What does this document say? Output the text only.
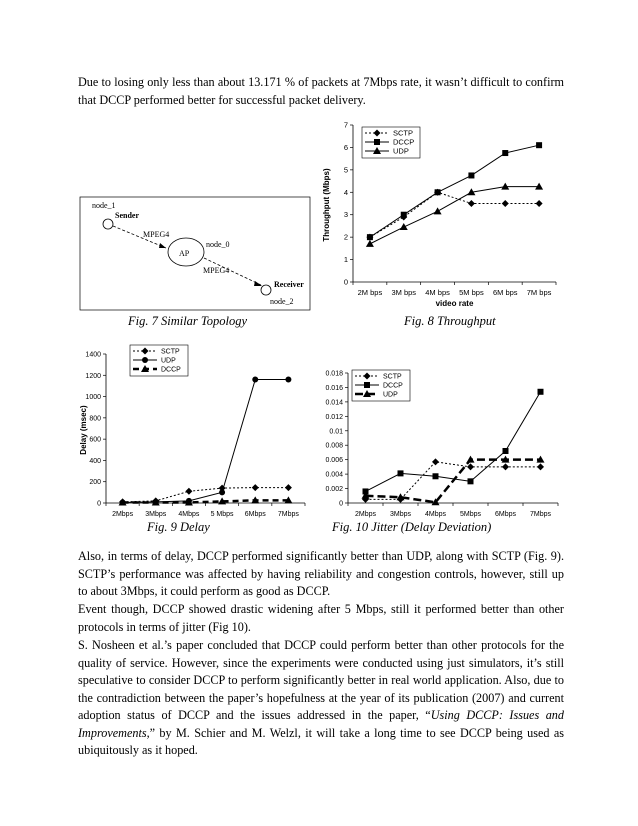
Due to losing only less than about 13.171 % of packets at 7Mbps rate, it wasn’t difficult to confirm that DCCP performed better for successful packet delivery.

node_1
Sender
MPEG4
AP
node_0
MPEG4
Receiver
node_2
0
1
2
3
4
5
6
7
2M bps 3M bps 4M bps 5M bps 6M bps 7M bps
video rate
Throughput (Mbps)
SCTP
DCCP
UDP
0
200
400
600
800
1000
1200
1400
2Mbps 3Mbps 4Mbps 5 Mbps 6Mbps 7Mbps
Delay (msec)
SCTP
UDP
DCCP
0
0.002
0.004
0.006
0.008
0.01
0.012
0.014
0.016
0.018
2Mbps 3Mbps 4Mbps 5Mbps 6Mbps 7Mbps
SCTP
DCCP
UDP
Fig. 7 Similar Topology	Fig. 8 Throughput
Fig. 9 Delay	Fig. 10 Jitter (Delay Deviation)

Also, in terms of delay, DCCP performed significantly better than UDP, along with SCTP (Fig. 9). SCTP’s performance was affected by having reliability and congestion controls, however, still up to about 3Mbps, it could perform as good as DCCP.

Event though, DCCP showed drastic widening after 5 Mbps, still it performed better than other protocols in terms of jitter (Fig 10).

S. Nosheen et al.’s paper concluded that DCCP could perform better than other protocols for the quality of service. However, since the experiments were conducted using just simulators, it’s still speculative to consider DCCP to perform significantly better in real world application. Also, due to the contradiction between the paper’s hopefulness at the year of its publication (2007) and current adoption status of DCCP and the issues addressed in the paper, “Using DCCP: Issues and Improvements,” by M. Schier and M. Welzl, it will take a long time to see DCCP being used as ubiquitously as it hoped.
